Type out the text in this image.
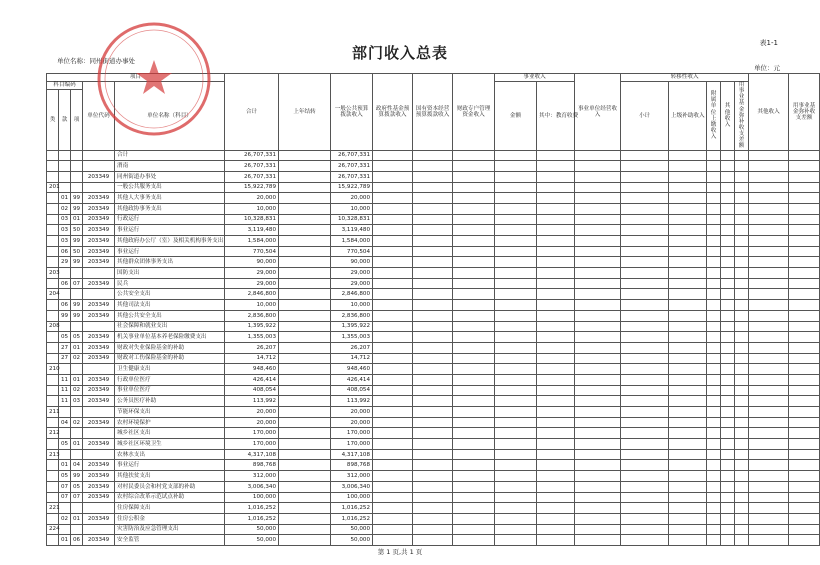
表1-1
部门收入总表
单位名称：同州街道办事处
单位：元
项目					合计	上年结转	一般公共预算拨款收入	政府性基金预算拨款收入	国有资本经营预算拨款收入	财政专户管理资金收入	事业收入		事业单位经营收入	转移性收入					其他收入	用事业基金弥补收支差额
科目编码			单位代码	单位名称（科目）							金额	其中：教育收费		小计	上级补助收入	附属单位上缴收入	其他收入	用事业基金弥补收支差额		
类	款	项																		

				合计	26,707,331		26,707,331													
				渭南	26,707,331		26,707,331													
			203349	同州街道办事处	26,707,331		26,707,331													
201				一般公共服务支出	15,922,789		15,922,789													
	01	99	203349	其他人大事务支出	20,000		20,000													
	02	99	203349	其他政协事务支出	10,000		10,000													
	03	01	203349	行政运行	10,328,831		10,328,831													
	03	50	203349	事业运行	3,119,480		3,119,480													
	03	99	203349	其他政府办公厅（室）及相关机构事务支出	1,584,000		1,584,000													
	06	50	203349	事业运行	770,504		770,504													
	29	99	203349	其他群众团体事务支出	90,000		90,000													
203				国防支出	29,000		29,000													
	06	07	203349	民兵	29,000		29,000													
204				公共安全支出	2,846,800		2,846,800													
	06	99	203349	其他司法支出	10,000		10,000													
	99	99	203349	其他公共安全支出	2,836,800		2,836,800													
208				社会保障和就业支出	1,395,922		1,395,922													
	05	05	203349	机关事业单位基本养老保险缴费支出	1,355,003		1,355,003													
	27	01	203349	财政对失业保险基金的补助	26,207		26,207													
	27	02	203349	财政对工伤保险基金的补助	14,712		14,712													
210				卫生健康支出	948,460		948,460													
	11	01	203349	行政单位医疗	426,414		426,414													
	11	02	203349	事业单位医疗	408,054		408,054													
	11	03	203349	公务员医疗补助	113,992		113,992													
211				节能环保支出	20,000		20,000													
	04	02	203349	农村环境保护	20,000		20,000													
212				城乡社区支出	170,000		170,000													
	05	01	203349	城乡社区环境卫生	170,000		170,000													
213				农林水支出	4,317,108		4,317,108													
	01	04	203349	事业运行	898,768		898,768													
	05	99	203349	其他扶贫支出	312,000		312,000													
	07	05	203349	对村民委员会和村党支部的补助	3,006,340		3,006,340													
	07	07	203349	农村综合改革示范试点补助	100,000		100,000													
221				住房保障支出	1,016,252		1,016,252													
	02	01	203349	住房公积金	1,016,252		1,016,252													
224				灾害防治及应急管理支出	50,000		50,000													
	01	06	203349	安全监管	50,000		50,000													
第 1 页,共 1 页
